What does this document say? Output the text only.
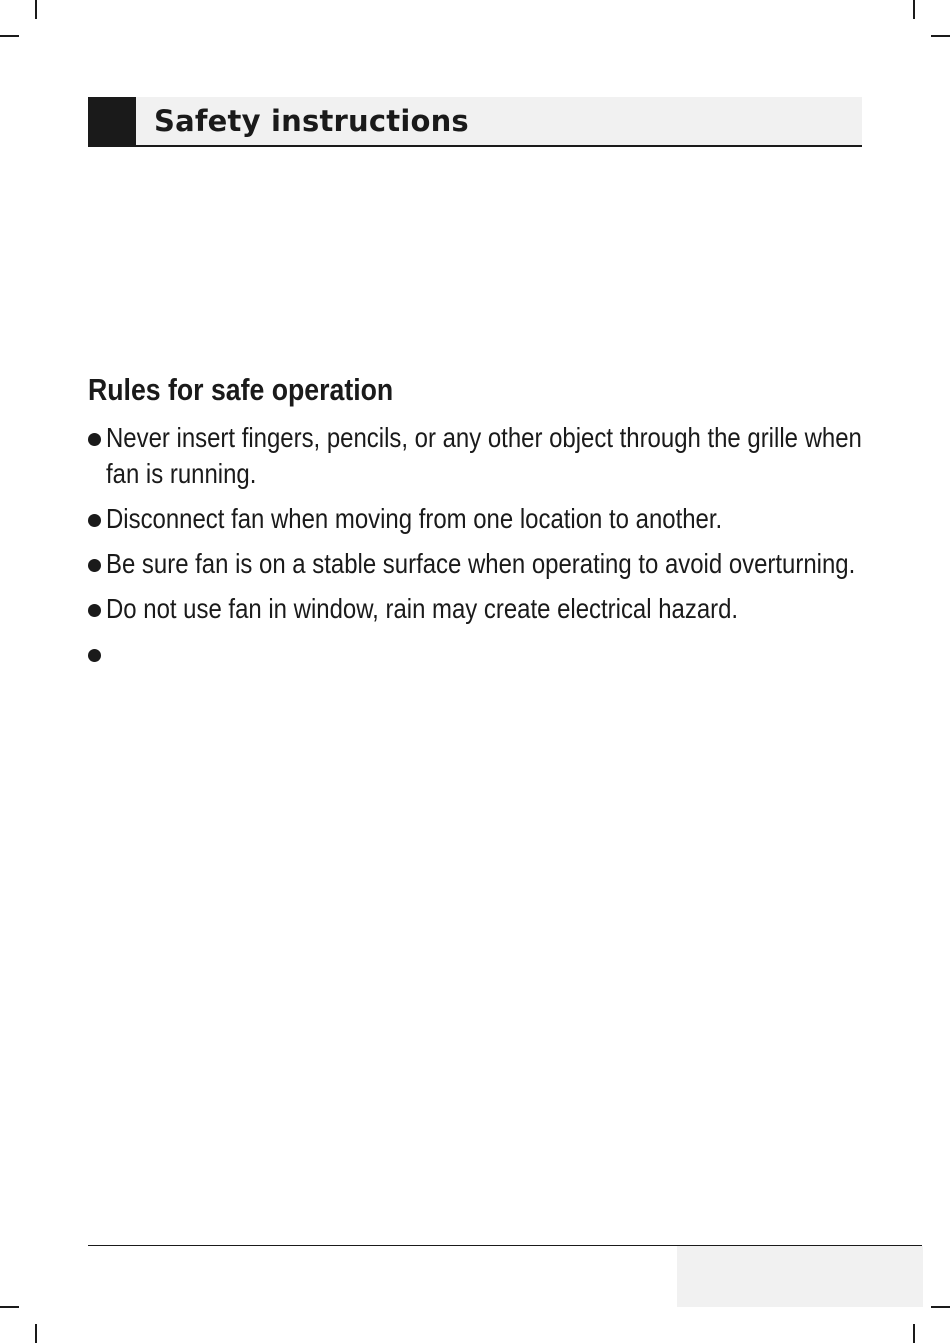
Safety instructions
Rules for safe operation
Never insert fingers, pencils, or any other object through the grille when fan is running.
Disconnect fan when moving from one location to another.
Be sure fan is on a stable surface when operating to avoid overturning.
Do not use fan in window, rain may create electrical hazard.
